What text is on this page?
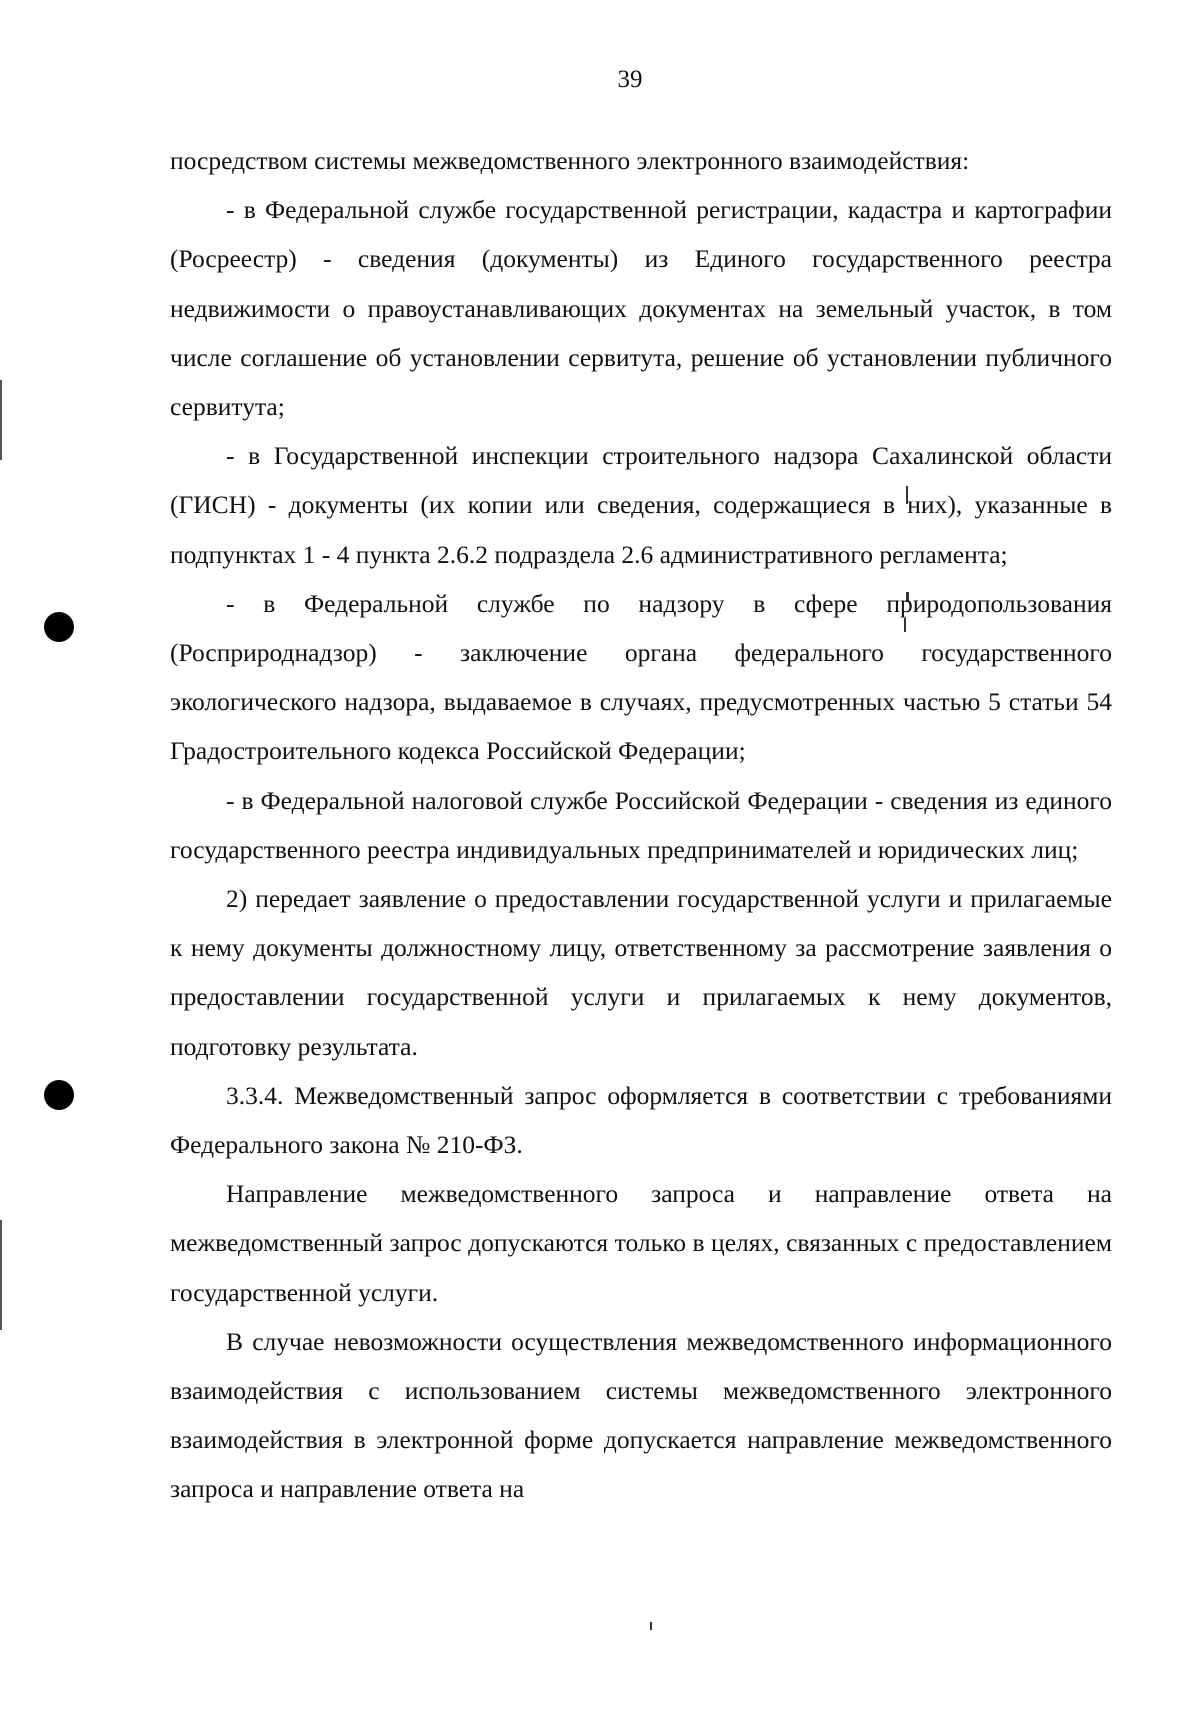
39

посредством системы межведомственного электронного взаимодействия:

- в Федеральной службе государственной регистрации, кадастра и картографии (Росреестр) - сведения (документы) из Единого государственного реестра недвижимости о правоустанавливающих документах на земельный участок, в том числе соглашение об установлении сервитута, решение об установлении публичного сервитута;

- в Государственной инспекции строительного надзора Сахалинской области (ГИСН) - документы (их копии или сведения, содержащиеся в них), указанные в подпунктах 1 - 4 пункта 2.6.2 подраздела 2.6 административного регламента;

- в Федеральной службе по надзору в сфере природопользования (Росприроднадзор) - заключение органа федерального государственного экологического надзора, выдаваемое в случаях, предусмотренных частью 5 статьи 54 Градостроительного кодекса Российской Федерации;

- в Федеральной налоговой службе Российской Федерации - сведения из единого государственного реестра индивидуальных предпринимателей и юридических лиц;

2) передает заявление о предоставлении государственной услуги и прилагаемые к нему документы должностному лицу, ответственному за рассмотрение заявления о предоставлении государственной услуги и прилагаемых к нему документов, подготовку результата.

3.3.4. Межведомственный запрос оформляется в соответствии с требованиями Федерального закона № 210-ФЗ.

Направление межведомственного запроса и направление ответа на межведомственный запрос допускаются только в целях, связанных с предоставлением государственной услуги.

В случае невозможности осуществления межведомственного информационного взаимодействия с использованием системы межведомственного электронного взаимодействия в электронной форме допускается направление межведомственного запроса и направление ответа на
